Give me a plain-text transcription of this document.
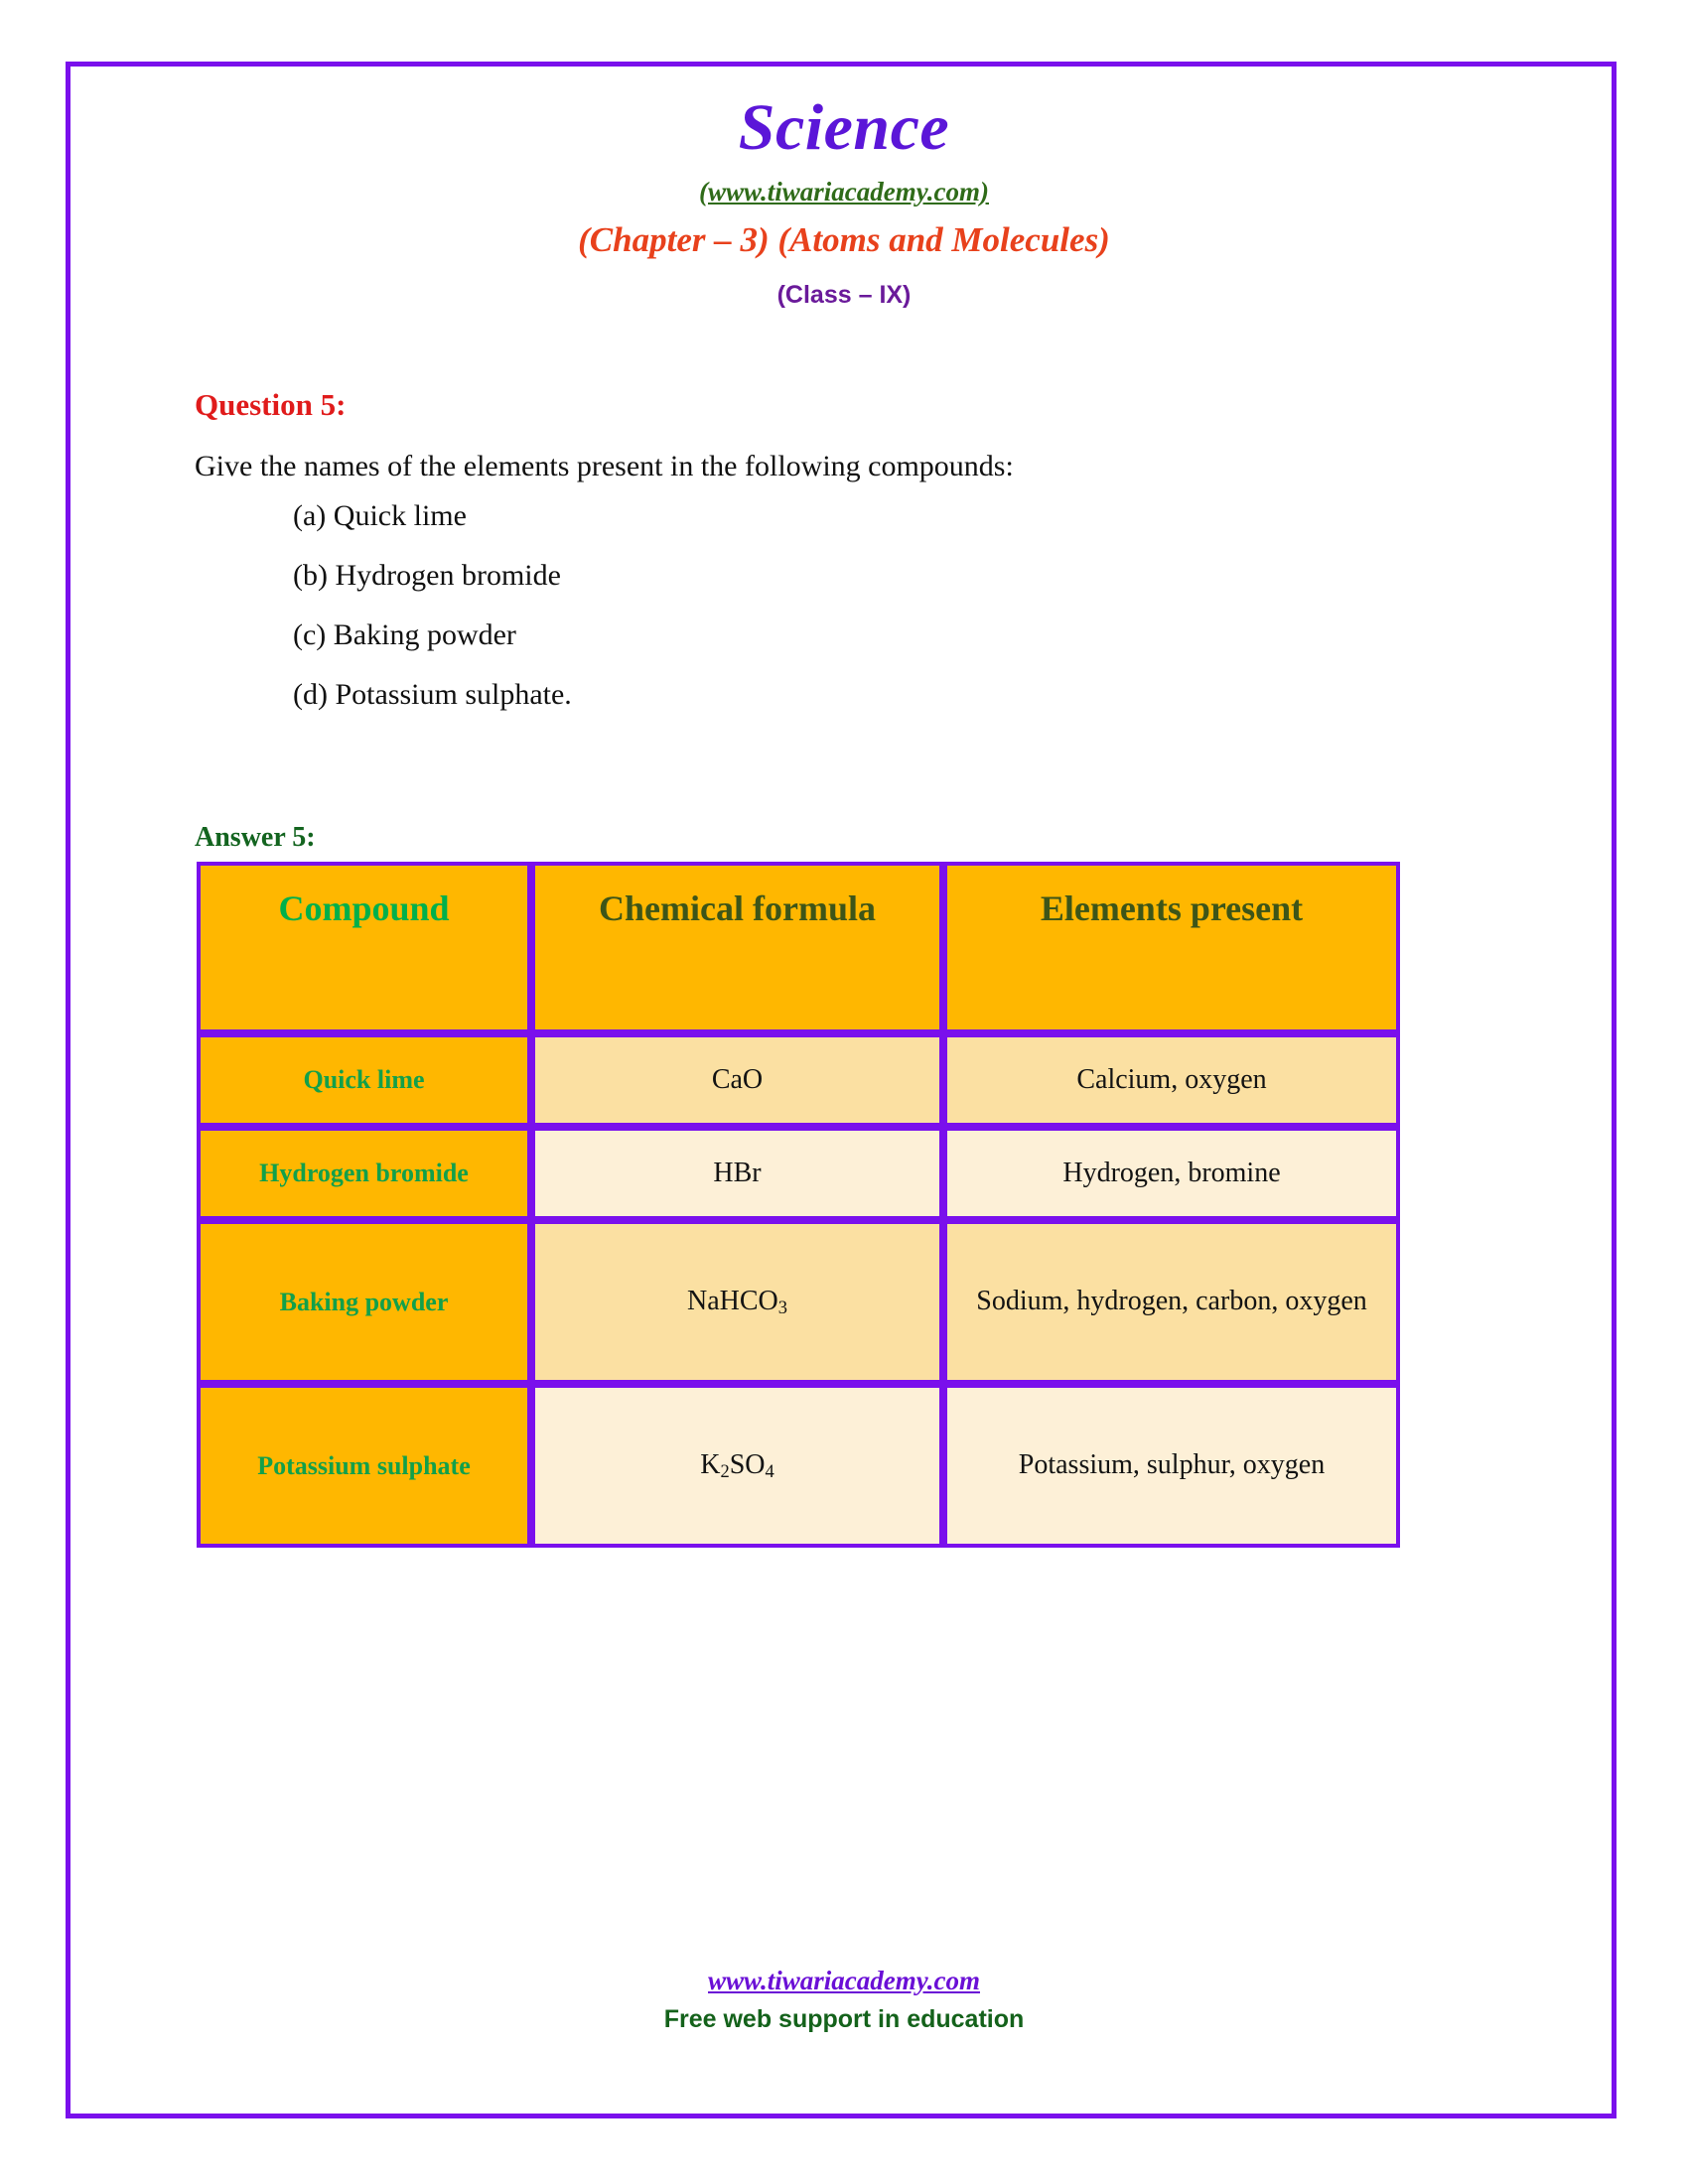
Science
(www.tiwariacademy.com)
(Chapter – 3) (Atoms and Molecules)
(Class – IX)
Question 5:
Give the names of the elements present in the following compounds:
(a) Quick lime
(b) Hydrogen bromide
(c) Baking powder
(d) Potassium sulphate.
Answer 5:
Compound	Chemical formula	Elements present
Quick lime	CaO	Calcium, oxygen
Hydrogen bromide	HBr	Hydrogen, bromine
Baking powder	NaHCO$_3$	Sodium, hydrogen, carbon, oxygen
Potassium sulphate	$K_2SO_4$	Potassium, sulphur, oxygen
www.tiwariacademy.com
Free web support in education
